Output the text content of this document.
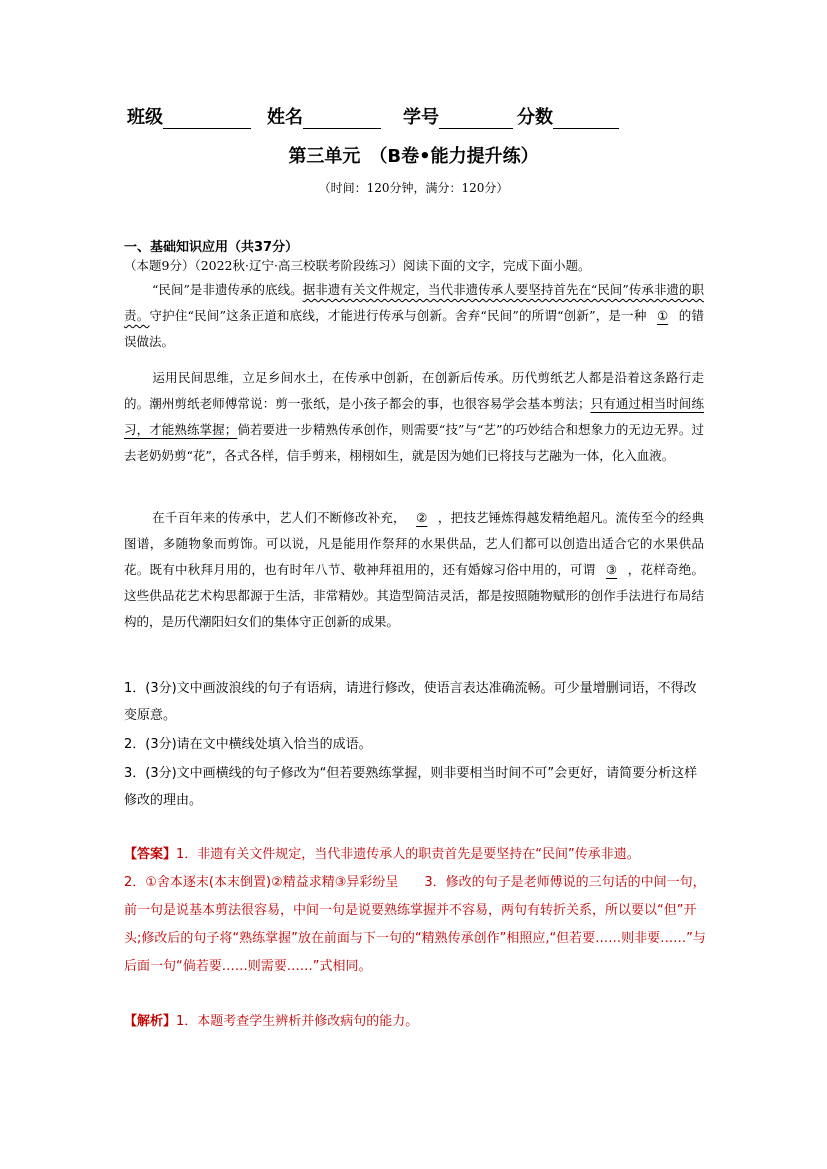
班级	姓名	学号	分数
第三单元　（B卷•能力提升练）
（时间：120分钟，满分：120分）
一、基础知识应用（共37分）
（本题9分）（2022秋·辽宁·高三校联考阶段练习）阅读下面的文字，完成下面小题。
“民间”是非遗传承的底线。据非遗有关文件规定，当代非遗传承人要坚持首先在“民间”传承非遗的职责。守护住“民间”这条正道和底线，才能进行传承与创新。舍弃“民间”的所谓“创新”，是一种 ① 的错误做法。
运用民间思维，立足乡间水土，在传承中创新，在创新后传承。历代剪纸艺人都是沿着这条路行走的。潮州剪纸老师傅常说：剪一张纸，是小孩子都会的事，也很容易学会基本剪法；只有通过相当时间练习，才能熟练掌握；倘若要进一步精熟传承创作，则需要“技”与“艺”的巧妙结合和想象力的无边无界。过去老奶奶剪“花”，各式各样，信手剪来，栩栩如生，就是因为她们已将技与艺融为一体，化入血液。
在千百年来的传承中，艺人们不断修改补充， ② ，把技艺锤炼得越发精绝超凡。流传至今的经典图谱，多随物象而剪饰。可以说，凡是能用作祭拜的水果供品，艺人们都可以创造出适合它的水果供品花。既有中秋拜月用的，也有时年八节、敬神拜祖用的，还有婚嫁习俗中用的，可谓 ③ ，花样奇绝。这些供品花艺术构思都源于生活，非常精妙。其造型简洁灵活，都是按照随物赋形的创作手法进行布局结构的，是历代潮阳妇女们的集体守正创新的成果。
1．(3分)文中画波浪线的句子有语病，请进行修改，使语言表达准确流畅。可少量增删词语，不得改变原意。
2．(3分)请在文中横线处填入恰当的成语。
3．(3分)文中画横线的句子修改为“但若要熟练掌握，则非要相当时间不可”会更好，请简要分析这样修改的理由。
【答案】1．非遗有关文件规定，当代非遗传承人的职责首先是要坚持在“民间”传承非遗。
2．①舍本逐末(本末倒置)②精益求精③异彩纷呈　　3．修改的句子是老师傅说的三句话的中间一句，前一句是说基本剪法很容易，中间一句是说要熟练掌握并不容易，两句有转折关系，所以要以“但”开头;修改后的句子将“熟练掌握”放在前面与下一句的“精熟传承创作”相照应,“但若要……则非要……”与后面一句“倘若要……则需要……”式相同。
【解析】1．本题考查学生辨析并修改病句的能力。
